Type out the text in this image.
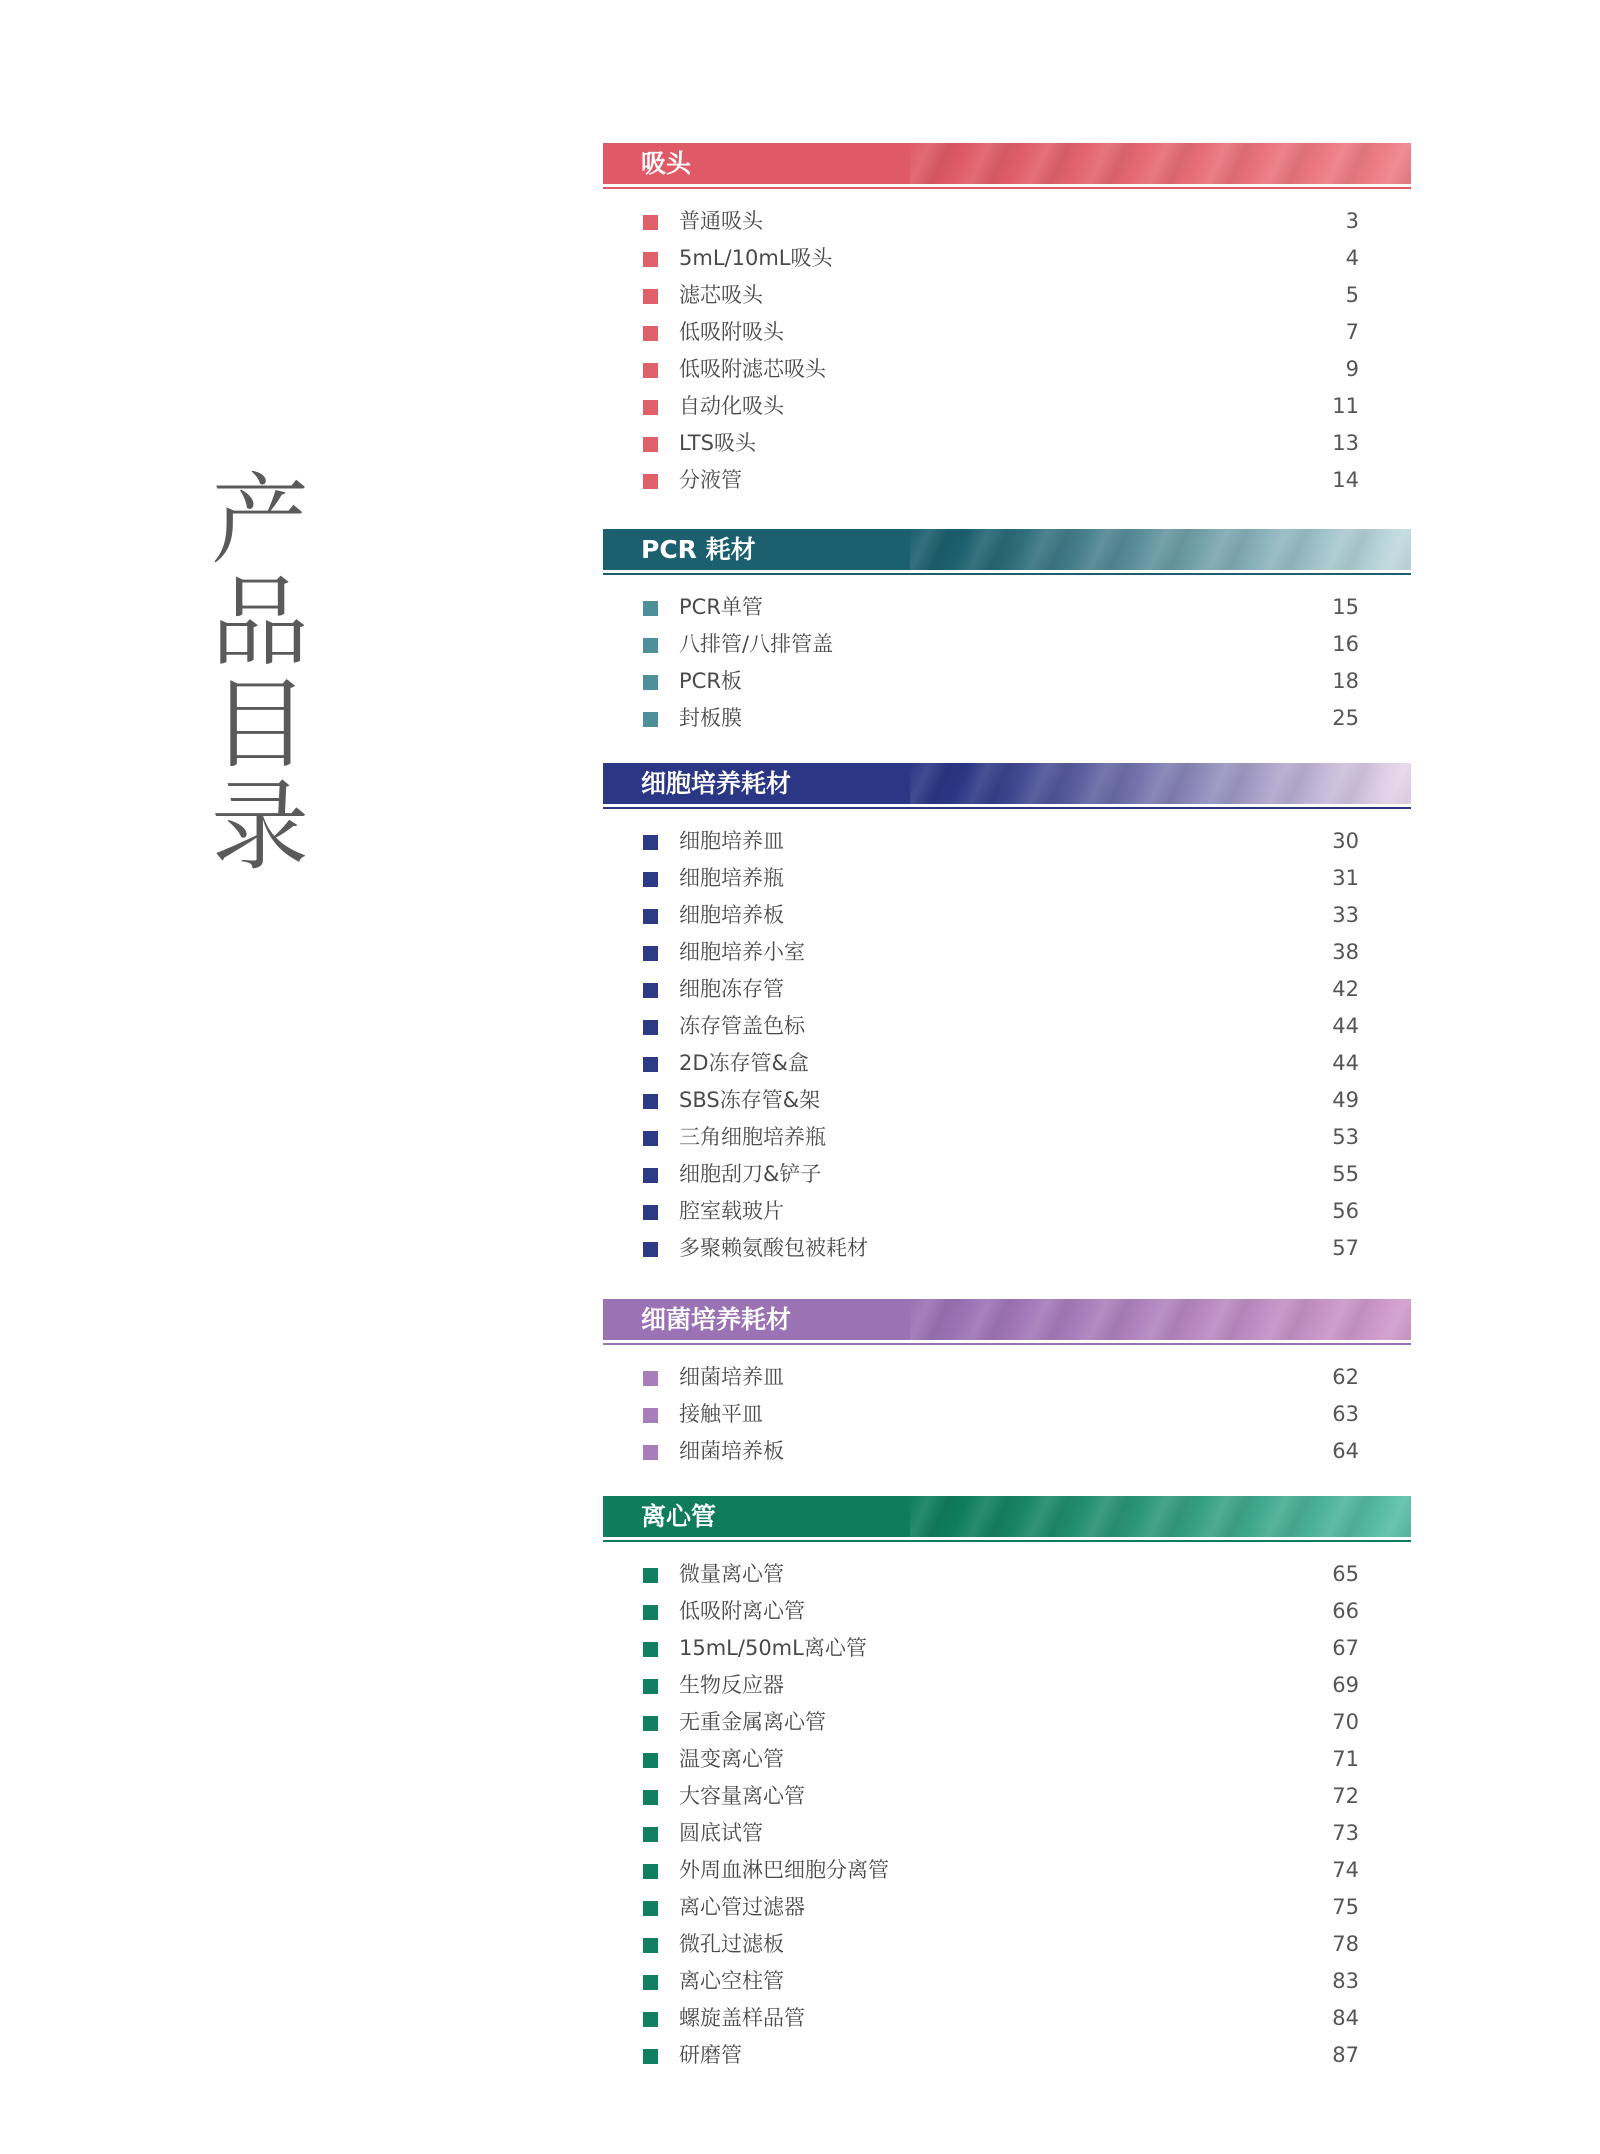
产
品
目
录
吸头
普通吸头	3
5mL/10mL吸头	4
滤芯吸头	5
低吸附吸头	7
低吸附滤芯吸头	9
自动化吸头	11
LTS吸头	13
分液管	14
PCR 耗材
PCR单管	15
八排管/八排管盖	16
PCR板	18
封板膜	25
细胞培养耗材
细胞培养皿	30
细胞培养瓶	31
细胞培养板	33
细胞培养小室	38
细胞冻存管	42
冻存管盖色标	44
2D冻存管&盒	44
SBS冻存管&架	49
三角细胞培养瓶	53
细胞刮刀&铲子	55
腔室载玻片	56
多聚赖氨酸包被耗材	57
细菌培养耗材
细菌培养皿	62
接触平皿	63
细菌培养板	64
离心管
微量离心管	65
低吸附离心管	66
15mL/50mL离心管	67
生物反应器	69
无重金属离心管	70
温变离心管	71
大容量离心管	72
圆底试管	73
外周血淋巴细胞分离管	74
离心管过滤器	75
微孔过滤板	78
离心空柱管	83
螺旋盖样品管	84
研磨管	87
